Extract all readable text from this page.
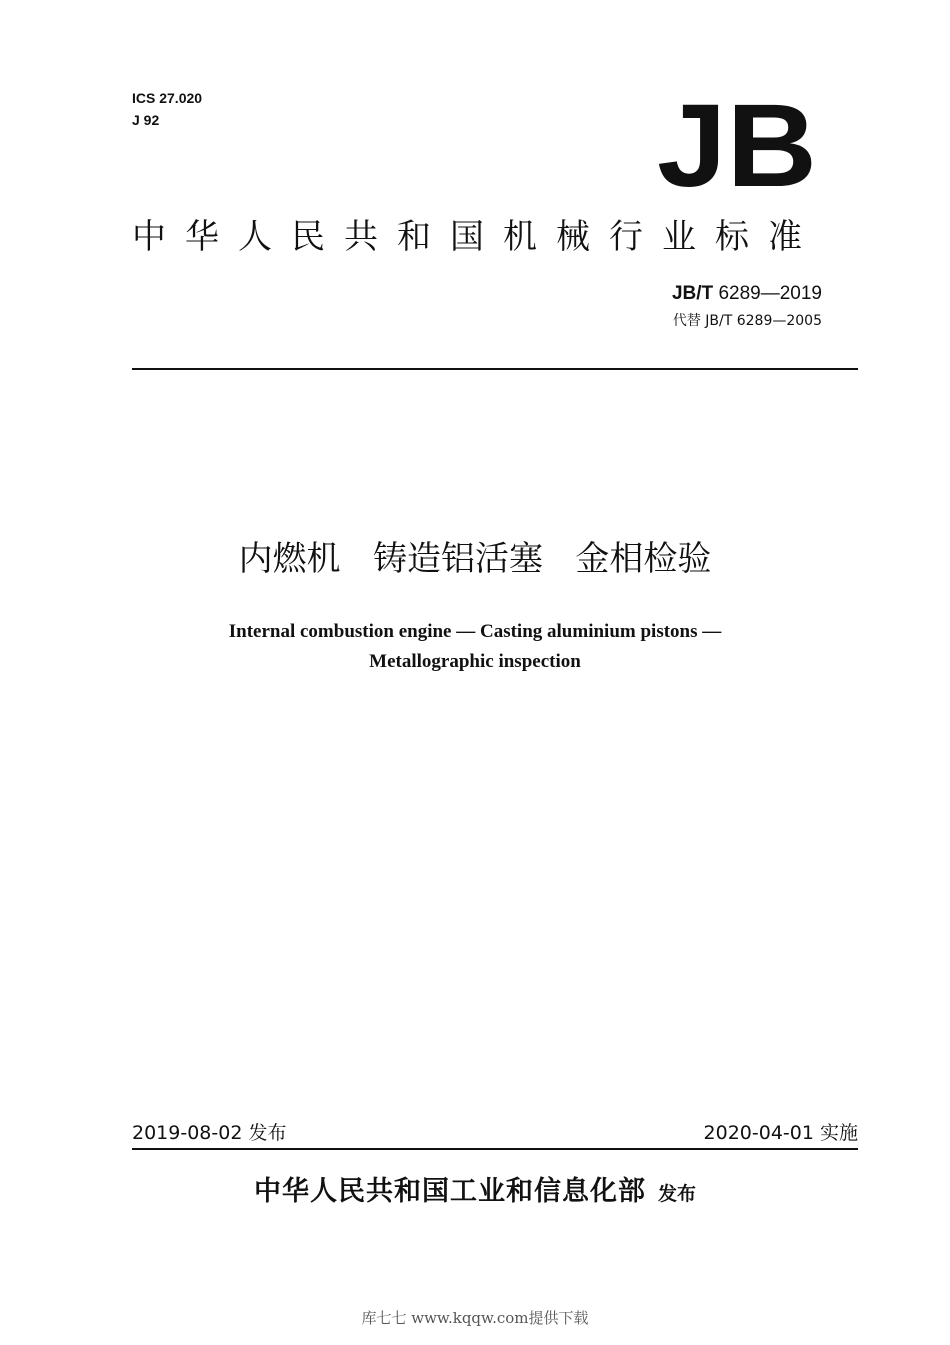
ICS 27.020
J 92	JB
中华人民共和国机械行业标准
JB/T 6289—2019
代替 JB/T 6289—2005
内燃机   铸造铝活塞   金相检验
Internal combustion engine — Casting aluminium pistons —
Metallographic inspection
2019-08-02 发布	2020-04-01 实施
中华人民共和国工业和信息化部 发布
库七七 www.kqqw.com提供下载
